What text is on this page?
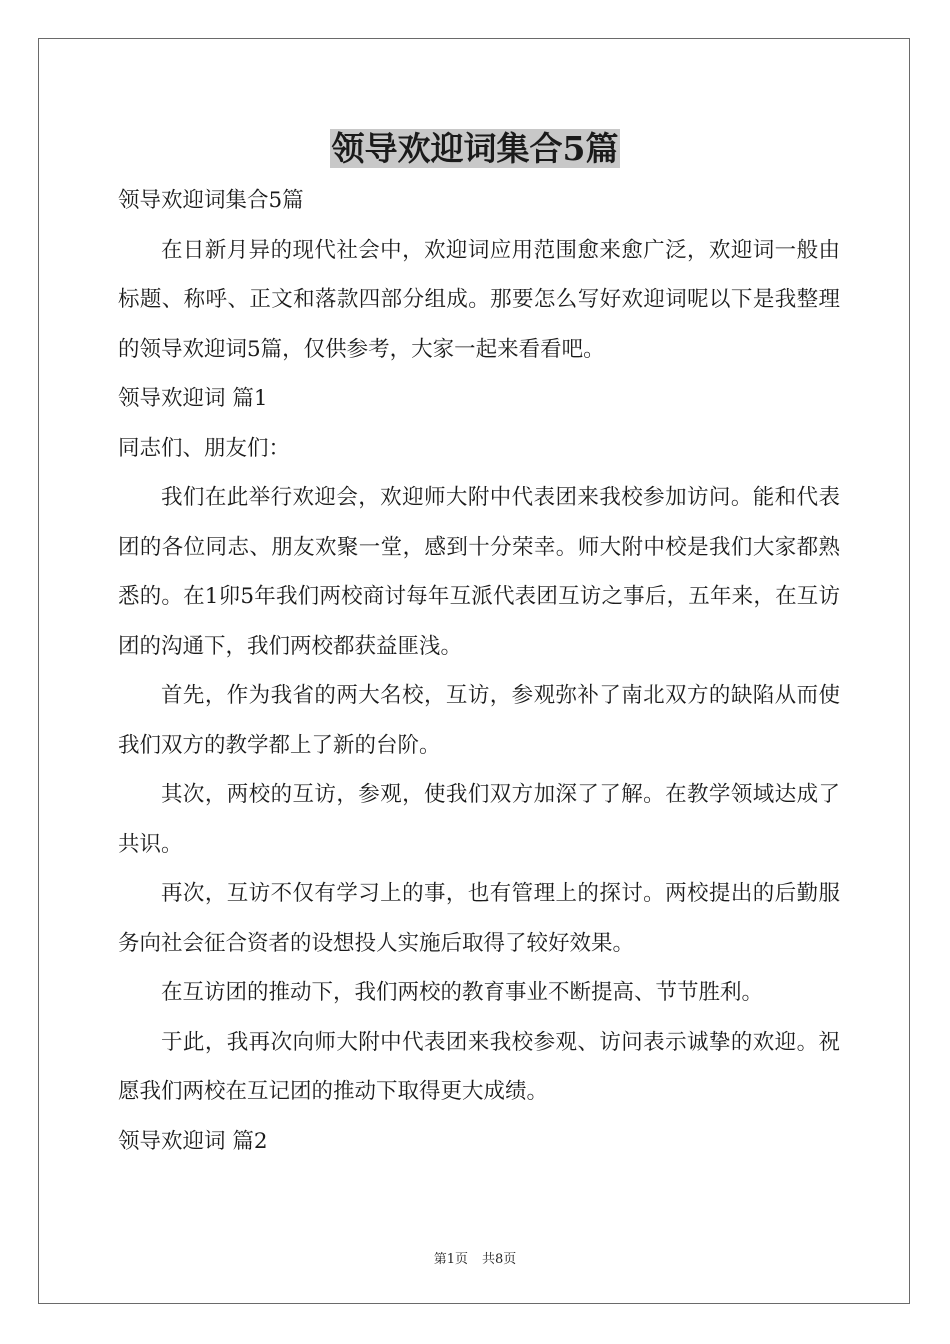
领导欢迎词集合5篇

领导欢迎词集合5篇

在日新月异的现代社会中，欢迎词应用范围愈来愈广泛，欢迎词一般由标题、称呼、正文和落款四部分组成。那要怎么写好欢迎词呢以下是我整理的领导欢迎词5篇，仅供参考，大家一起来看看吧。

领导欢迎词 篇1

同志们、朋友们：

我们在此举行欢迎会，欢迎师大附中代表团来我校参加访问。能和代表团的各位同志、朋友欢聚一堂，感到十分荣幸。师大附中校是我们大家都熟悉的。在1卯5年我们两校商讨每年互派代表团互访之事后，五年来，在互访团的沟通下，我们两校都获益匪浅。

首先，作为我省的两大名校，互访，参观弥补了南北双方的缺陷从而使我们双方的教学都上了新的台阶。

其次，两校的互访，参观，使我们双方加深了了解。在教学领域达成了共识。

再次，互访不仅有学习上的事，也有管理上的探讨。两校提出的后勤服务向社会征合资者的设想投人实施后取得了较好效果。

在互访团的推动下，我们两校的教育事业不断提高、节节胜利。

于此，我再次向师大附中代表团来我校参观、访问表示诚挚的欢迎。祝愿我们两校在互记团的推动下取得更大成绩。

领导欢迎词 篇2

第1页 共8页
